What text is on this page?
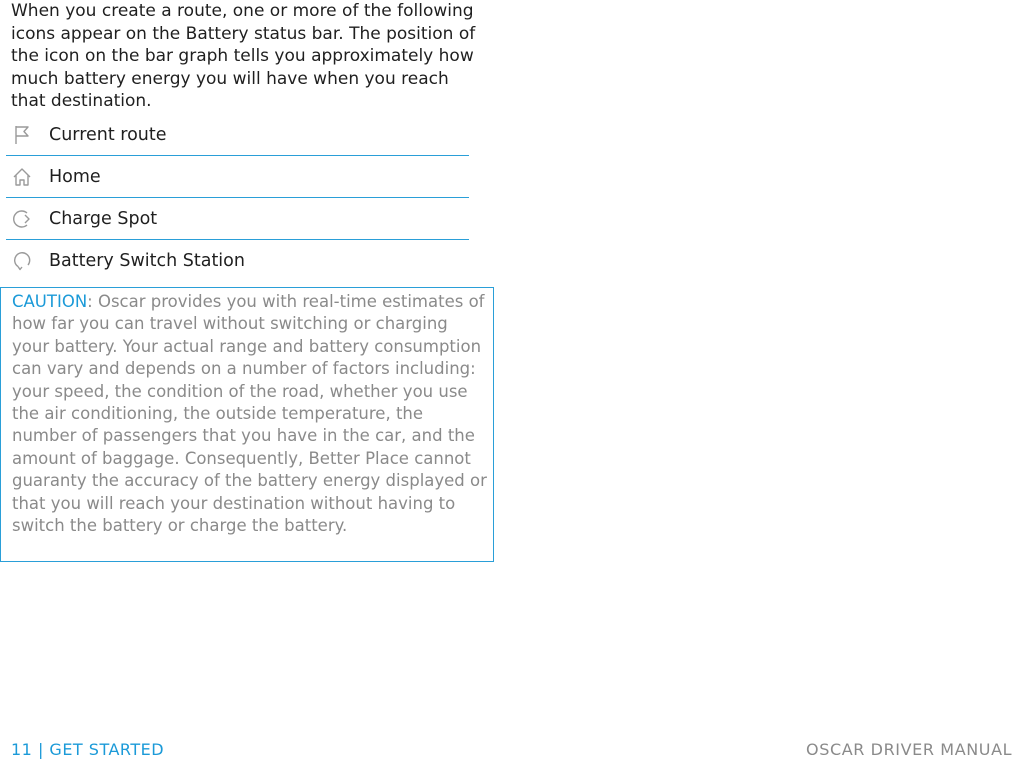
When you create a route, one or more of the following icons appear on the Battery status bar. The position of the icon on the bar graph tells you approximately how much battery energy you will have when you reach that destination.

Current route
Home
Charge Spot
Battery Switch Station

CAUTION: Oscar provides you with real-time estimates of how far you can travel without switching or charging your battery. Your actual range and battery consumption can vary and depends on a number of factors including: your speed, the condition of the road, whether you use the air conditioning, the outside temperature, the number of passengers that you have in the car, and the amount of baggage. Consequently, Better Place cannot guaranty the accuracy of the battery energy displayed or that you will reach your destination without having to switch the battery or charge the battery.

11 | GET STARTED	OSCAR DRIVER MANUAL
